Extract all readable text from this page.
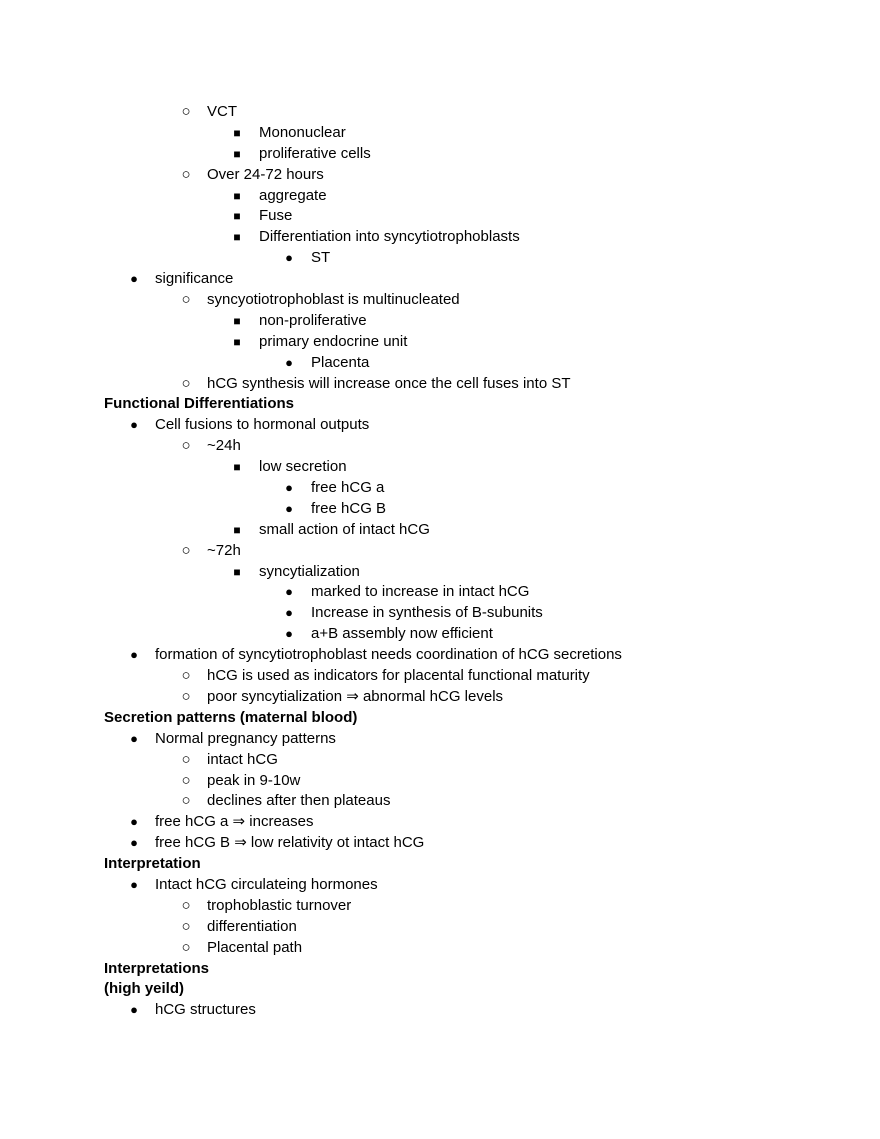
○ VCT
■ Mononuclear
■ proliferative cells
○ Over 24-72 hours
■ aggregate
■ Fuse
■ Differentiation into syncytiotrophoblasts
● ST
● significance
○ syncyotiotrophoblast is multinucleated
■ non-proliferative
■ primary endocrine unit
● Placenta
○ hCG synthesis will increase once the cell fuses into ST
Functional Differentiations
● Cell fusions to hormonal outputs
○ ~24h
■ low secretion
● free hCG a
● free hCG B
■ small action of intact hCG
○ ~72h
■ syncytialization
● marked to increase in intact hCG
● Increase in synthesis of B-subunits
● a+B assembly now efficient
● formation of syncytiotrophoblast needs coordination of hCG secretions
○ hCG is used as indicators for placental functional maturity
○ poor syncytialization ⇒ abnormal hCG levels
Secretion patterns (maternal blood)
● Normal pregnancy patterns
○ intact hCG
○ peak in 9-10w
○ declines after then plateaus
● free hCG a ⇒ increases
● free hCG B ⇒ low relativity ot intact hCG
Interpretation
● Intact hCG circulateing hormones
○ trophoblastic turnover
○ differentiation
○ Placental path
Interpretations
(high yeild)
● hCG structures
